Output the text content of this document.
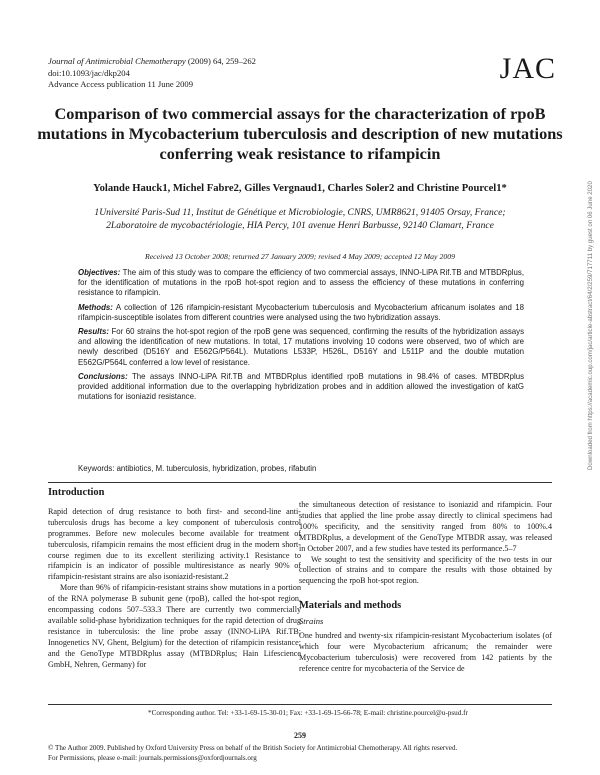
Journal of Antimicrobial Chemotherapy (2009) 64, 259–262
doi:10.1093/jac/dkp204
Advance Access publication 11 June 2009	JAC
Comparison of two commercial assays for the characterization of rpoB mutations in Mycobacterium tuberculosis and description of new mutations conferring weak resistance to rifampicin
Yolande Hauck1, Michel Fabre2, Gilles Vergnaud1, Charles Soler2 and Christine Pourcel1*
1Université Paris-Sud 11, Institut de Génétique et Microbiologie, CNRS, UMR8621, 91405 Orsay, France;
2Laboratoire de mycobactériologie, HIA Percy, 101 avenue Henri Barbusse, 92140 Clamart, France
Received 13 October 2008; returned 27 January 2009; revised 4 May 2009; accepted 12 May 2009

Objectives: The aim of this study was to compare the efficiency of two commercial assays, INNO-LiPA Rif.TB and MTBDRplus, for the identification of mutations in the rpoB hot-spot region and to assess the efficiency of these mutations in conferring resistance to rifampicin.

Methods: A collection of 126 rifampicin-resistant Mycobacterium tuberculosis and Mycobacterium africanum isolates and 18 rifampicin-susceptible isolates from different countries were analysed using the two hybridization assays.

Results: For 60 strains the hot-spot region of the rpoB gene was sequenced, confirming the results of the hybridization assays and allowing the identification of new mutations. In total, 17 mutations involving 10 codons were observed, two of which are newly described (D516Y and E562G/P564L). Mutations L533P, H526L, D516Y and L511P and the double mutation E562G/P564L conferred a low level of resistance.

Conclusions: The assays INNO-LiPA Rif.TB and MTBDRplus identified rpoB mutations in 98.4% of cases. MTBDRplus provided additional information due to the overlapping hybridization probes and in addition allowed the investigation of katG mutations for isoniazid resistance.

Keywords: antibiotics, M. tuberculosis, hybridization, probes, rifabutin
Introduction

Rapid detection of drug resistance to both first- and second-line anti-tuberculosis drugs has become a key component of tuberculosis control programmes. Before new molecules become available for treatment of tuberculosis, rifampicin remains the most efficient drug in the modern short-course regimen due to its excellent sterilizing activity.1 Resistance to rifampicin is an indicator of possible multiresistance as nearly 90% of rifampicin-resistant strains are also isoniazid-resistant.2

More than 96% of rifampicin-resistant strains show mutations in a portion of the RNA polymerase B subunit gene (rpoB), called the hot-spot region, encompassing codons 507–533.3 There are currently two commercially available solid-phase hybridization techniques for the rapid detection of drug resistance in tuberculosis: the line probe assay (INNO-LiPA Rif.TB; Innogenetics NV, Ghent, Belgium) for the detection of rifampicin resistance; and the GenoType MTBDRplus assay (MTBDRplus; Hain Lifescience GmbH, Nehren, Germany) for

the simultaneous detection of resistance to isoniazid and rifampicin. Four studies that applied the line probe assay directly to clinical specimens had 100% specificity, and the sensitivity ranged from 80% to 100%.4 MTBDRplus, a development of the GenoType MTBDR assay, was released in October 2007, and a few studies have tested its performance.5–7

We sought to test the sensitivity and specificity of the two tests in our collection of strains and to compare the results with those obtained by sequencing the rpoB hot-spot region.

Materials and methods
Strains

One hundred and twenty-six rifampicin-resistant Mycobacterium isolates (of which four were Mycobacterium africanum; the remainder were Mycobacterium tuberculosis) were recovered from 142 patients by the reference centre for mycobacteria of the Service de

*Corresponding author. Tel: +33-1-69-15-30-01; Fax: +33-1-69-15-66-78; E-mail: christine.pourcel@u-psud.fr
259
© The Author 2009. Published by Oxford University Press on behalf of the British Society for Antimicrobial Chemotherapy. All rights reserved.
For Permissions, please e-mail: journals.permissions@oxfordjournals.org
Downloaded from https://academic.oup.com/jac/article-abstract/64/2/259/717711 by guest on 06 June 2020
